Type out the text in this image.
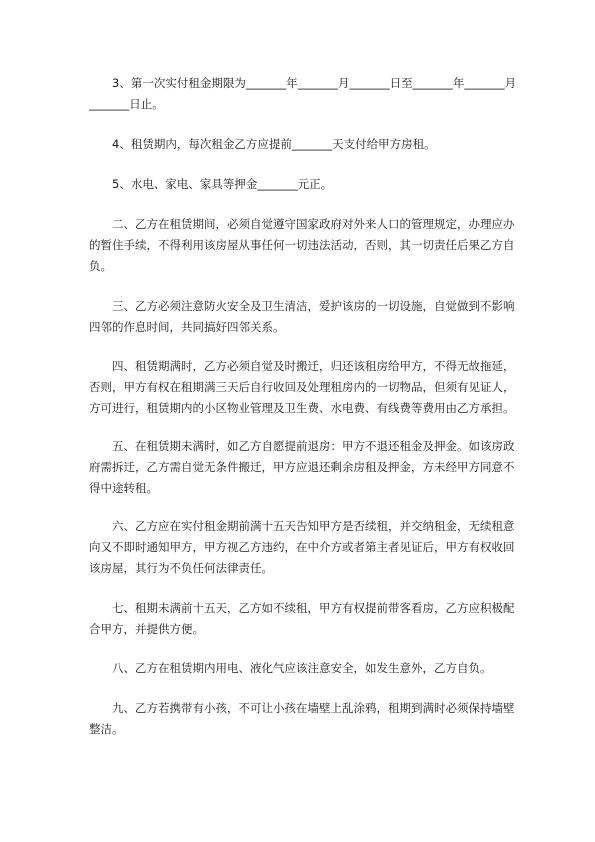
　　3、第一次实付租金期限为_______年_______月_______日至_______年_______月
_______日止。

　　4、租赁期内，每次租金乙方应提前_______天支付给甲方房租。

　　5、水电、家电、家具等押金_______元正。

　　二、乙方在租赁期间，必须自觉遵守国家政府对外来人口的管理规定，办理应办
的暂住手续，不得利用该房屋从事任何一切违法活动，否则，其一切责任后果乙方自
负。

　　三、乙方必须注意防火安全及卫生清洁，爱护该房的一切设施，自觉做到不影响
四邻的作息时间，共同搞好四邻关系。

　　四、租赁期满时，乙方必须自觉及时搬迁，归还该租房给甲方，不得无故拖延，
否则，甲方有权在租期满三天后自行收回及处理租房内的一切物品，但须有见证人，
方可进行，租赁期内的小区物业管理及卫生费、水电费、有线费等费用由乙方承担。

　　五、在租赁期未满时，如乙方自愿提前退房：甲方不退还租金及押金。如该房政
府需拆迁，乙方需自觉无条件搬迁，甲方应退还剩余房租及押金，方未经甲方同意不
得中途转租。

　　六、乙方应在实付租金期前满十五天告知甲方是否续租，并交纳租金，无续租意
向又不即时通知甲方，甲方视乙方违约，在中介方或者第主者见证后，甲方有权收回
该房屋，其行为不负任何法律责任。

　　七、租期未满前十五天，乙方如不续租，甲方有权提前带客看房，乙方应积极配
合甲方，并提供方便。

　　八、乙方在租赁期内用电、液化气应该注意安全，如发生意外，乙方自负。

　　九、乙方若携带有小孩，不可让小孩在墙壁上乱涂鸦，租期到满时必须保持墙壁
整洁。
